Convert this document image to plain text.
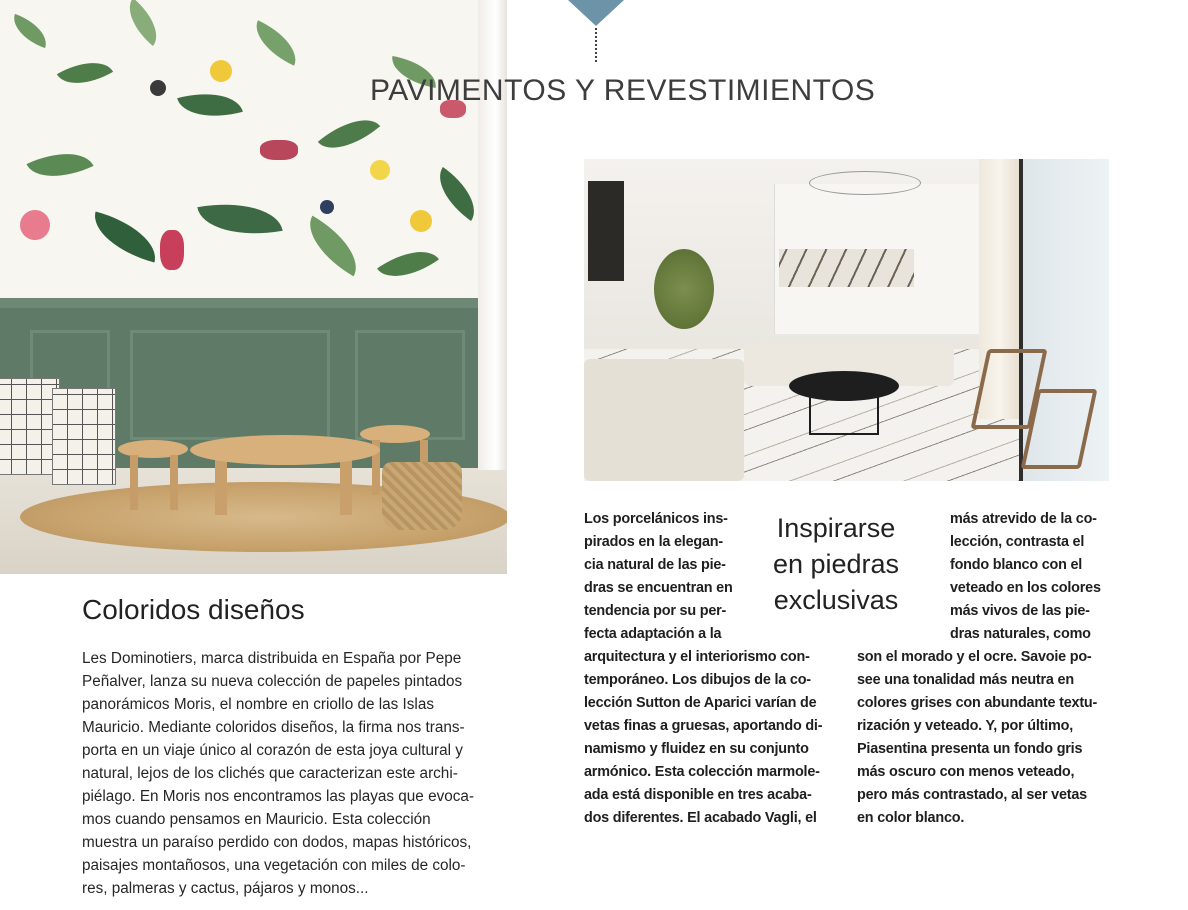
PAVIMENTOS Y REVESTIMIENTOS
Coloridos diseños
Les Dominotiers, marca distribuida en España por Pepe
Peñalver, lanza su nueva colección de papeles pintados
panorámicos Moris, el nombre en criollo de las Islas
Mauricio. Mediante coloridos diseños, la firma nos trans-
porta en un viaje único al corazón de esta joya cultural y
natural, lejos de los clichés que caracterizan este archi-
piélago. En Moris nos encontramos las playas que evoca-
mos cuando pensamos en Mauricio. Esta colección
muestra un paraíso perdido con dodos, mapas históricos,
paisajes montañosos, una vegetación con miles de colo-
res, palmeras y cactus, pájaros y monos...
Inspirarse
en piedras
exclusivas
Los porcelánicos ins-
pirados en la elegan-
cia natural de las pie-
dras se encuentran en
tendencia por su per-
fecta adaptación a la
arquitectura y el interiorismo con-
temporáneo. Los dibujos de la co-
lección Sutton de Aparici varían de
vetas finas a gruesas, aportando di-
namismo y fluidez en su conjunto
armónico. Esta colección marmole-
ada está disponible en tres acaba-
dos diferentes. El acabado Vagli, el
más atrevido de la co-
lección, contrasta el
fondo blanco con el
veteado en los colores
más vivos de las pie-
dras naturales, como
son el morado y el ocre. Savoie po-
see una tonalidad más neutra en
colores grises con abundante textu-
rización y veteado. Y, por último,
Piasentina presenta un fondo gris
más oscuro con menos veteado,
pero más contrastado, al ser vetas
en color blanco.
